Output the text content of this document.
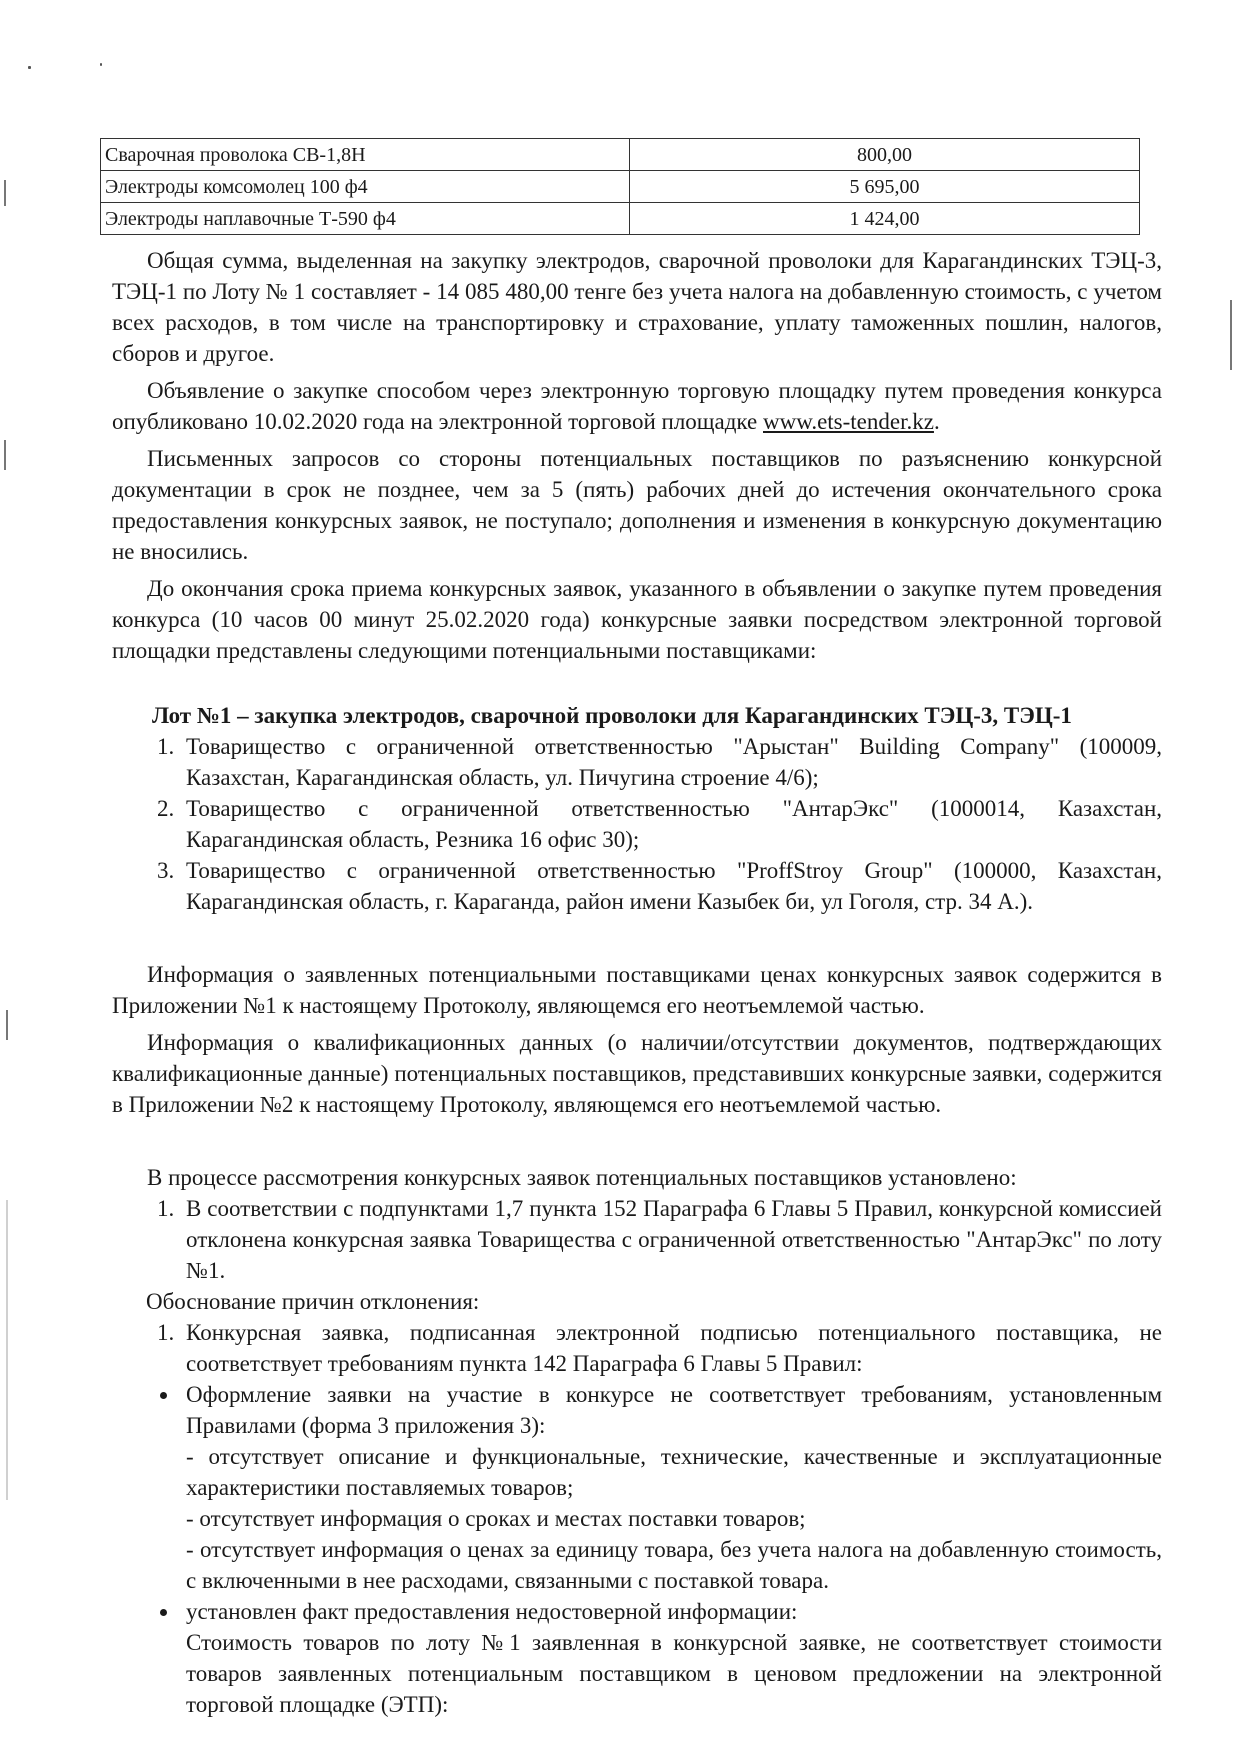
Сварочная проволока СВ-1,8Н	800,00
Электроды комсомолец 100 ф4	5 695,00
Электроды наплавочные Т-590 ф4	1 424,00

Общая сумма, выделенная на закупку электродов, сварочной проволоки для Карагандинских ТЭЦ-3, ТЭЦ-1 по Лоту № 1 составляет - 14 085 480,00 тенге без учета налога на добавленную стоимость, с учетом всех расходов, в том числе на транспортировку и страхование, уплату таможенных пошлин, налогов, сборов и другое.

Объявление о закупке способом через электронную торговую площадку путем проведения конкурса опубликовано 10.02.2020 года на электронной торговой площадке www.ets-tender.kz.

Письменных запросов со стороны потенциальных поставщиков по разъяснению конкурсной документации в срок не позднее, чем за 5 (пять) рабочих дней до истечения окончательного срока предоставления конкурсных заявок, не поступало; дополнения и изменения в конкурсную документацию не вносились.

До окончания срока приема конкурсных заявок, указанного в объявлении о закупке путем проведения конкурса (10 часов 00 минут 25.02.2020 года) конкурсные заявки посредством электронной торговой площадки представлены следующими потенциальными поставщиками:

Лот №1 – закупка электродов, сварочной проволоки для Карагандинских ТЭЦ-3, ТЭЦ-1

1. Товарищество с ограниченной ответственностью "Арыстан" Building Company" (100009, Казахстан, Карагандинская область, ул. Пичугина строение 4/6);
2. Товарищество с ограниченной ответственностью "АнтарЭкс" (1000014, Казахстан, Карагандинская область, Резника 16 офис 30);
3. Товарищество с ограниченной ответственностью "ProffStroy Group" (100000, Казахстан, Карагандинская область, г. Караганда, район имени Казыбек би, ул Гоголя, стр. 34 А.).

Информация о заявленных потенциальными поставщиками ценах конкурсных заявок содержится в Приложении №1 к настоящему Протоколу, являющемся его неотъемлемой частью.

Информация о квалификационных данных (о наличии/отсутствии документов, подтверждающих квалификационные данные) потенциальных поставщиков, представивших конкурсные заявки, содержится в Приложении №2 к настоящему Протоколу, являющемся его неотъемлемой частью.

В процессе рассмотрения конкурсных заявок потенциальных поставщиков установлено:

1. В соответствии с подпунктами 1,7 пункта 152 Параграфа 6 Главы 5 Правил, конкурсной комиссией отклонена конкурсная заявка Товарищества с ограниченной ответственностью "АнтарЭкс" по лоту №1.

Обоснование причин отклонения:

1. Конкурсная заявка, подписанная электронной подписью потенциального поставщика, не соответствует требованиям пункта 142 Параграфа 6 Главы 5 Правил:
• Оформление заявки на участие в конкурсе не соответствует требованиям, установленным Правилами (форма 3 приложения 3):
- отсутствует описание и функциональные, технические, качественные и эксплуатационные характеристики поставляемых товаров;
- отсутствует информация о сроках и местах поставки товаров;
- отсутствует информация о ценах за единицу товара, без учета налога на добавленную стоимость, с включенными в нее расходами, связанными с поставкой товара.
• установлен факт предоставления недостоверной информации:
Стоимость товаров по лоту №1 заявленная в конкурсной заявке, не соответствует стоимости товаров заявленных потенциальным поставщиком в ценовом предложении на электронной торговой площадке (ЭТП):
